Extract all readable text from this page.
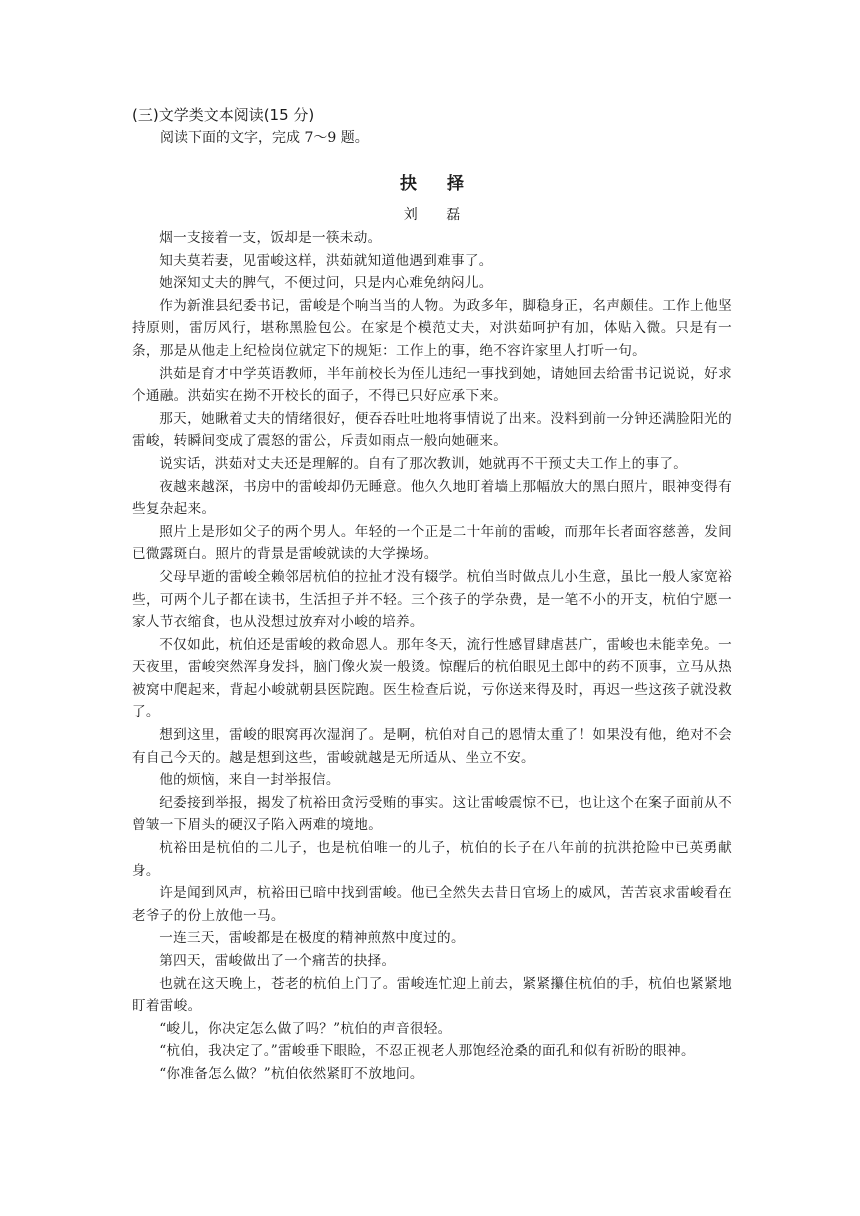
(三)文学类文本阅读(15 分)

阅读下面的文字，完成 7～9 题。

抉 择
刘 磊

烟一支接着一支，饭却是一筷未动。

知夫莫若妻，见雷峻这样，洪茹就知道他遇到难事了。

她深知丈夫的脾气，不便过问，只是内心难免纳闷儿。

作为新淮县纪委书记，雷峻是个响当当的人物。为政多年，脚稳身正，名声颇佳。工作上他坚持原则，雷厉风行，堪称黑脸包公。在家是个模范丈夫，对洪茹呵护有加，体贴入微。只是有一条，那是从他走上纪检岗位就定下的规矩：工作上的事，绝不容许家里人打听一句。

洪茹是育才中学英语教师，半年前校长为侄儿违纪一事找到她，请她回去给雷书记说说，好求个通融。洪茹实在拗不开校长的面子，不得已只好应承下来。

那天，她瞅着丈夫的情绪很好，便吞吞吐吐地将事情说了出来。没料到前一分钟还满脸阳光的雷峻，转瞬间变成了震怒的雷公，斥责如雨点一般向她砸来。

说实话，洪茹对丈夫还是理解的。自有了那次教训，她就再不干预丈夫工作上的事了。

夜越来越深，书房中的雷峻却仍无睡意。他久久地盯着墙上那幅放大的黑白照片，眼神变得有些复杂起来。

照片上是形如父子的两个男人。年轻的一个正是二十年前的雷峻，而那年长者面容慈善，发间已微露斑白。照片的背景是雷峻就读的大学操场。

父母早逝的雷峻全赖邻居杭伯的拉扯才没有辍学。杭伯当时做点儿小生意，虽比一般人家宽裕些，可两个儿子都在读书，生活担子并不轻。三个孩子的学杂费，是一笔不小的开支，杭伯宁愿一家人节衣缩食，也从没想过放弃对小峻的培养。

不仅如此，杭伯还是雷峻的救命恩人。那年冬天，流行性感冒肆虐甚广，雷峻也未能幸免。一天夜里，雷峻突然浑身发抖，脑门像火炭一般烫。惊醒后的杭伯眼见土郎中的药不顶事，立马从热被窝中爬起来，背起小峻就朝县医院跑。医生检查后说，亏你送来得及时，再迟一些这孩子就没救了。

想到这里，雷峻的眼窝再次湿润了。是啊，杭伯对自己的恩情太重了！如果没有他，绝对不会有自己今天的。越是想到这些，雷峻就越是无所适从、坐立不安。

他的烦恼，来自一封举报信。

纪委接到举报，揭发了杭裕田贪污受贿的事实。这让雷峻震惊不已，也让这个在案子面前从不曾皱一下眉头的硬汉子陷入两难的境地。

杭裕田是杭伯的二儿子，也是杭伯唯一的儿子，杭伯的长子在八年前的抗洪抢险中已英勇献身。

许是闻到风声，杭裕田已暗中找到雷峻。他已全然失去昔日官场上的威风，苦苦哀求雷峻看在老爷子的份上放他一马。

一连三天，雷峻都是在极度的精神煎熬中度过的。

第四天，雷峻做出了一个痛苦的抉择。

也就在这天晚上，苍老的杭伯上门了。雷峻连忙迎上前去，紧紧攥住杭伯的手，杭伯也紧紧地盯着雷峻。

“峻儿，你决定怎么做了吗？”杭伯的声音很轻。

“杭伯，我决定了。”雷峻垂下眼睑，不忍正视老人那饱经沧桑的面孔和似有祈盼的眼神。

“你准备怎么做？”杭伯依然紧盯不放地问。
